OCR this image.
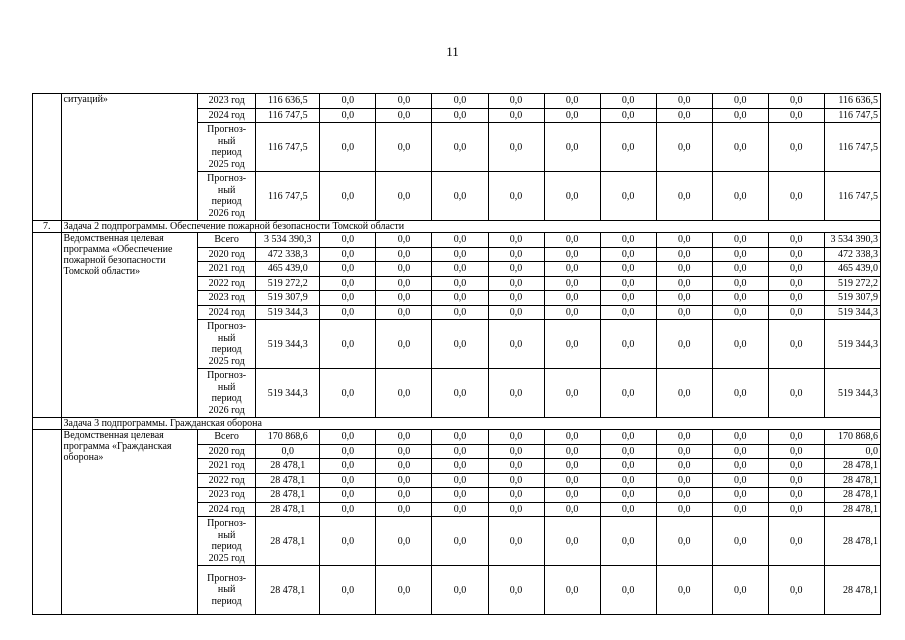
11
	ситуаций»	2023 год	116 636,5	0,0	0,0	0,0	0,0	0,0	0,0	0,0	0,0	0,0	116 636,5
		2024 год	116 747,5	0,0	0,0	0,0	0,0	0,0	0,0	0,0	0,0	0,0	116 747,5
		Прогноз-
ный
период
2025 год	116 747,5	0,0	0,0	0,0	0,0	0,0	0,0	0,0	0,0	0,0	116 747,5
		Прогноз-
ный
период
2026 год	116 747,5	0,0	0,0	0,0	0,0	0,0	0,0	0,0	0,0	0,0	116 747,5
7.	Задача 2 подпрограммы. Обеспечение пожарной безопасности Томской области												
	Ведомственная целевая программа «Обеспечение пожарной безопасности Томской области»	Всего	3 534 390,3	0,0	0,0	0,0	0,0	0,0	0,0	0,0	0,0	0,0	3 534 390,3
		2020 год	472 338,3	0,0	0,0	0,0	0,0	0,0	0,0	0,0	0,0	0,0	472 338,3
		2021 год	465 439,0	0,0	0,0	0,0	0,0	0,0	0,0	0,0	0,0	0,0	465 439,0
		2022 год	519 272,2	0,0	0,0	0,0	0,0	0,0	0,0	0,0	0,0	0,0	519 272,2
		2023 год	519 307,9	0,0	0,0	0,0	0,0	0,0	0,0	0,0	0,0	0,0	519 307,9
		2024 год	519 344,3	0,0	0,0	0,0	0,0	0,0	0,0	0,0	0,0	0,0	519 344,3
		Прогноз-
ный
период
2025 год	519 344,3	0,0	0,0	0,0	0,0	0,0	0,0	0,0	0,0	0,0	519 344,3
		Прогноз-
ный
период
2026 год	519 344,3	0,0	0,0	0,0	0,0	0,0	0,0	0,0	0,0	0,0	519 344,3
	Задача 3 подпрограммы. Гражданская оборона												
	Ведомственная целевая программа «Гражданская оборона»	Всего	170 868,6	0,0	0,0	0,0	0,0	0,0	0,0	0,0	0,0	0,0	170 868,6
		2020 год	0,0	0,0	0,0	0,0	0,0	0,0	0,0	0,0	0,0	0,0	0,0
		2021 год	28 478,1	0,0	0,0	0,0	0,0	0,0	0,0	0,0	0,0	0,0	28 478,1
		2022 год	28 478,1	0,0	0,0	0,0	0,0	0,0	0,0	0,0	0,0	0,0	28 478,1
		2023 год	28 478,1	0,0	0,0	0,0	0,0	0,0	0,0	0,0	0,0	0,0	28 478,1
		2024 год	28 478,1	0,0	0,0	0,0	0,0	0,0	0,0	0,0	0,0	0,0	28 478,1
		Прогноз-
ный
период
2025 год	28 478,1	0,0	0,0	0,0	0,0	0,0	0,0	0,0	0,0	0,0	28 478,1
		Прогноз-
ный
период	28 478,1	0,0	0,0	0,0	0,0	0,0	0,0	0,0	0,0	0,0	28 478,1
